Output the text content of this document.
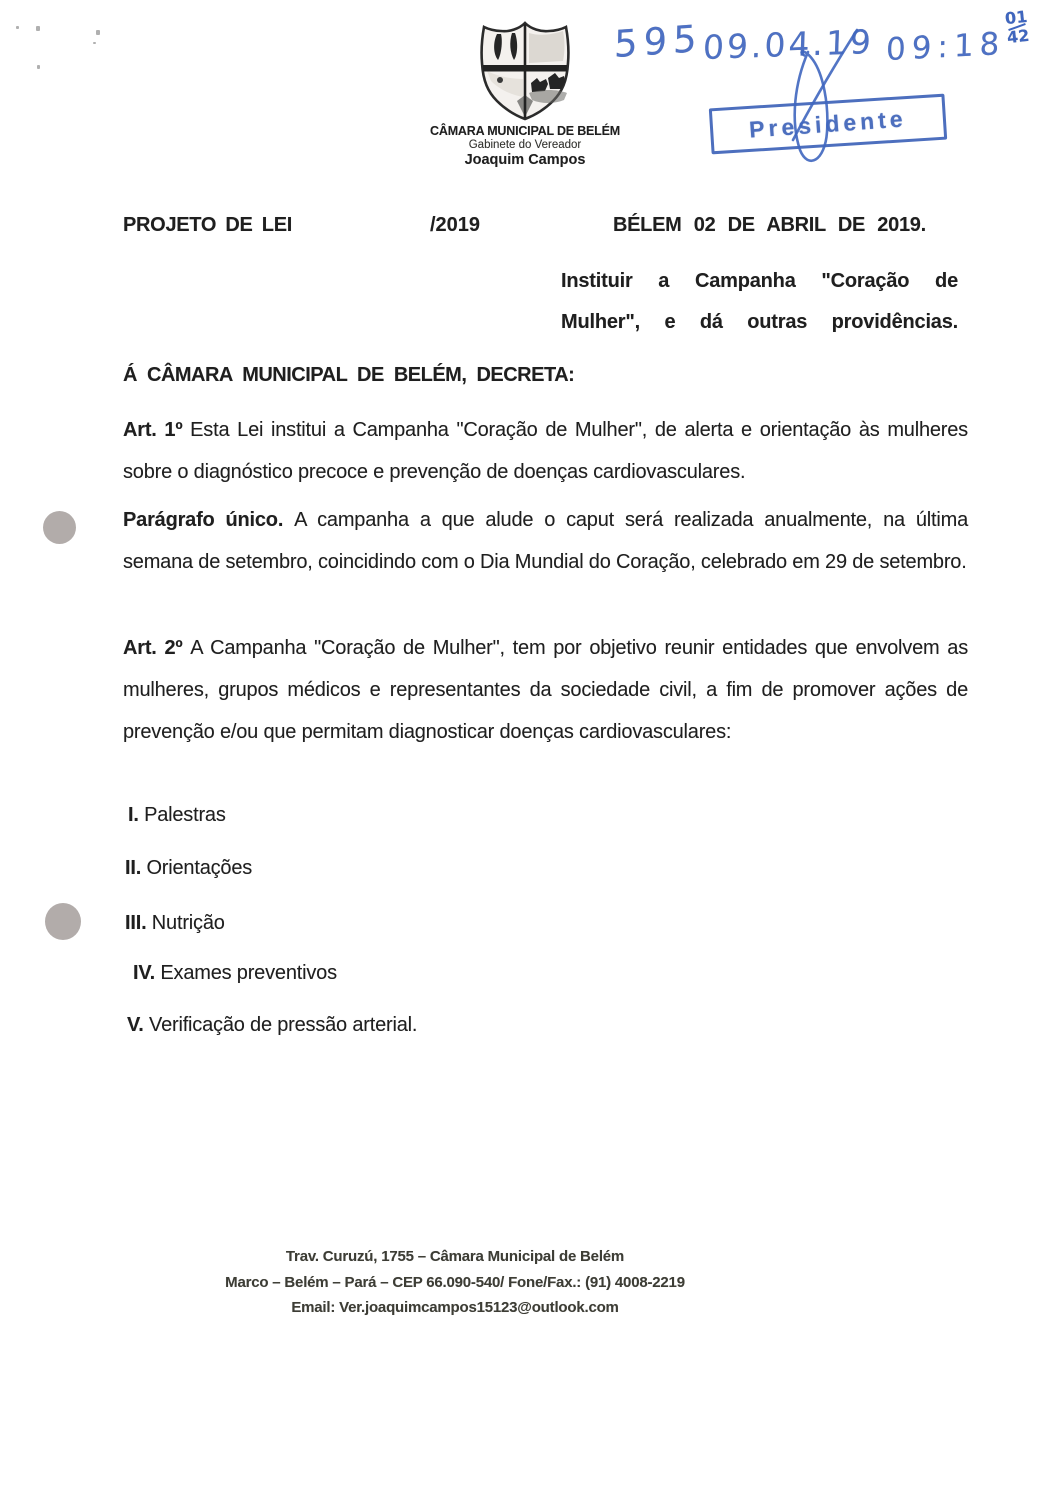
CÂMARA MUNICIPAL DE BELÉM
Gabinete do Vereador
Joaquim Campos
595 09.04.19 09:18
01
42
Presidente
PROJETO DE LEI	/2019	BÉLEM 02 DE ABRIL DE 2019.
Instituir a Campanha "Coração de Mulher", e dá outras providências.
Á CÂMARA MUNICIPAL DE BELÉM, DECRETA:

Art. 1º Esta Lei institui a Campanha "Coração de Mulher", de alerta e orientação às mulheres sobre o diagnóstico precoce e prevenção de doenças cardiovasculares.

Parágrafo único. A campanha a que alude o caput será realizada anualmente, na última semana de setembro, coincidindo com o Dia Mundial do Coração, celebrado em 29 de setembro.

Art. 2º A Campanha "Coração de Mulher", tem por objetivo reunir entidades que envolvem as mulheres, grupos médicos e representantes da sociedade civil, a fim de promover ações de prevenção e/ou que permitam diagnosticar doenças cardiovasculares:

I. Palestras
II. Orientações
III. Nutrição
IV. Exames preventivos
V. Verificação de pressão arterial.
Trav. Curuzú, 1755 – Câmara Municipal de Belém
Marco – Belém – Pará – CEP 66.090-540/ Fone/Fax.: (91) 4008-2219
Email: Ver.joaquimcampos15123@outlook.com
